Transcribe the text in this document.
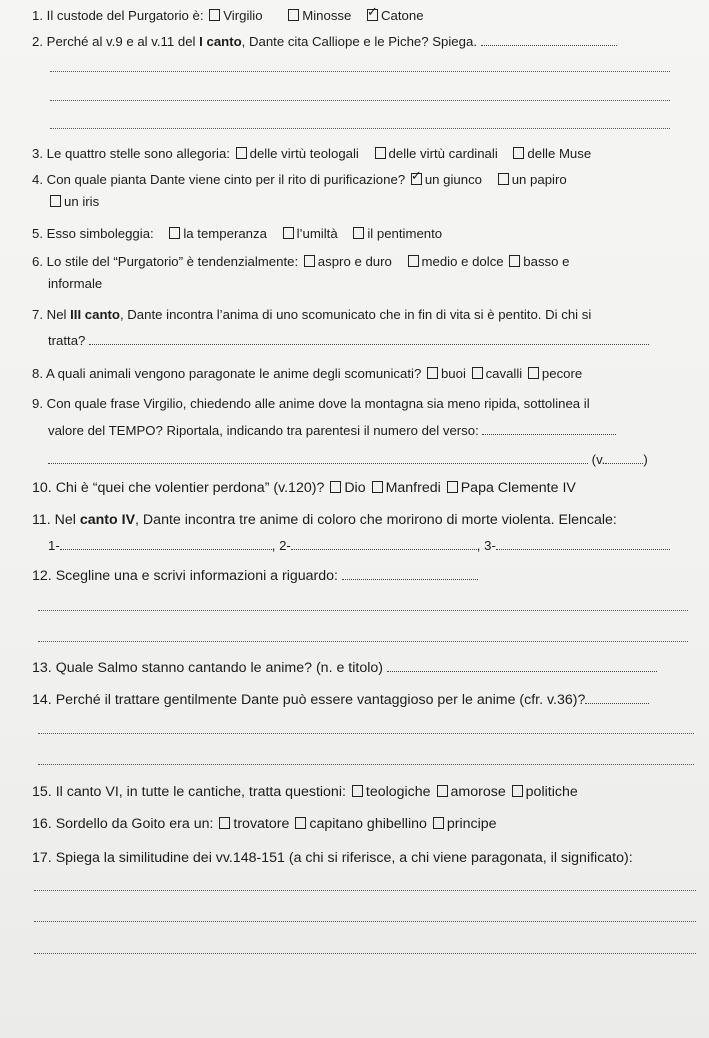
1. Il custode del Purgatorio è: Virgilio	Minosse ✓ Catone
2. Perché al v.9 e al v.11 del I canto, Dante cita Calliope e le Piche? Spiega.
3. Le quattro stelle sono allegoria: delle virtù teologali delle virtù cardinali delle Muse
4. Con quale pianta Dante viene cinto per il rito di purificazione? ✓ un giunco un papiro
un iris
5. Esso simboleggia: la temperanza l’umiltà il pentimento
6. Lo stile del “Purgatorio” è tendenzialmente: aspro e duro medio e dolce basso e
informale
7. Nel III canto, Dante incontra l’anima di uno scomunicato che in fin di vita si è pentito. Di chi si
tratta?
8. A quali animali vengono paragonate le anime degli scomunicati? buoi cavalli pecore
9. Con quale frase Virgilio, chiedendo alle anime dove la montagna sia meno ripida, sottolinea il
valore del TEMPO? Riportala, indicando tra parentesi il numero del verso:
(v.	)
10. Chi è “quei che volentier perdona” (v.120)? Dio Manfredi Papa Clemente IV
11. Nel canto IV, Dante incontra tre anime di coloro che morirono di morte violenta. Elencale:
1-	, 2-	, 3-
12. Scegline una e scrivi informazioni a riguardo:
13. Quale Salmo stanno cantando le anime? (n. e titolo)
14. Perché il trattare gentilmente Dante può essere vantaggioso per le anime (cfr. v.36)?
15. Il canto VI, in tutte le cantiche, tratta questioni: teologiche amorose politiche
16. Sordello da Goito era un: trovatore capitano ghibellino principe
17. Spiega la similitudine dei vv.148-151 (a chi si riferisce, a chi viene paragonata, il significato):
